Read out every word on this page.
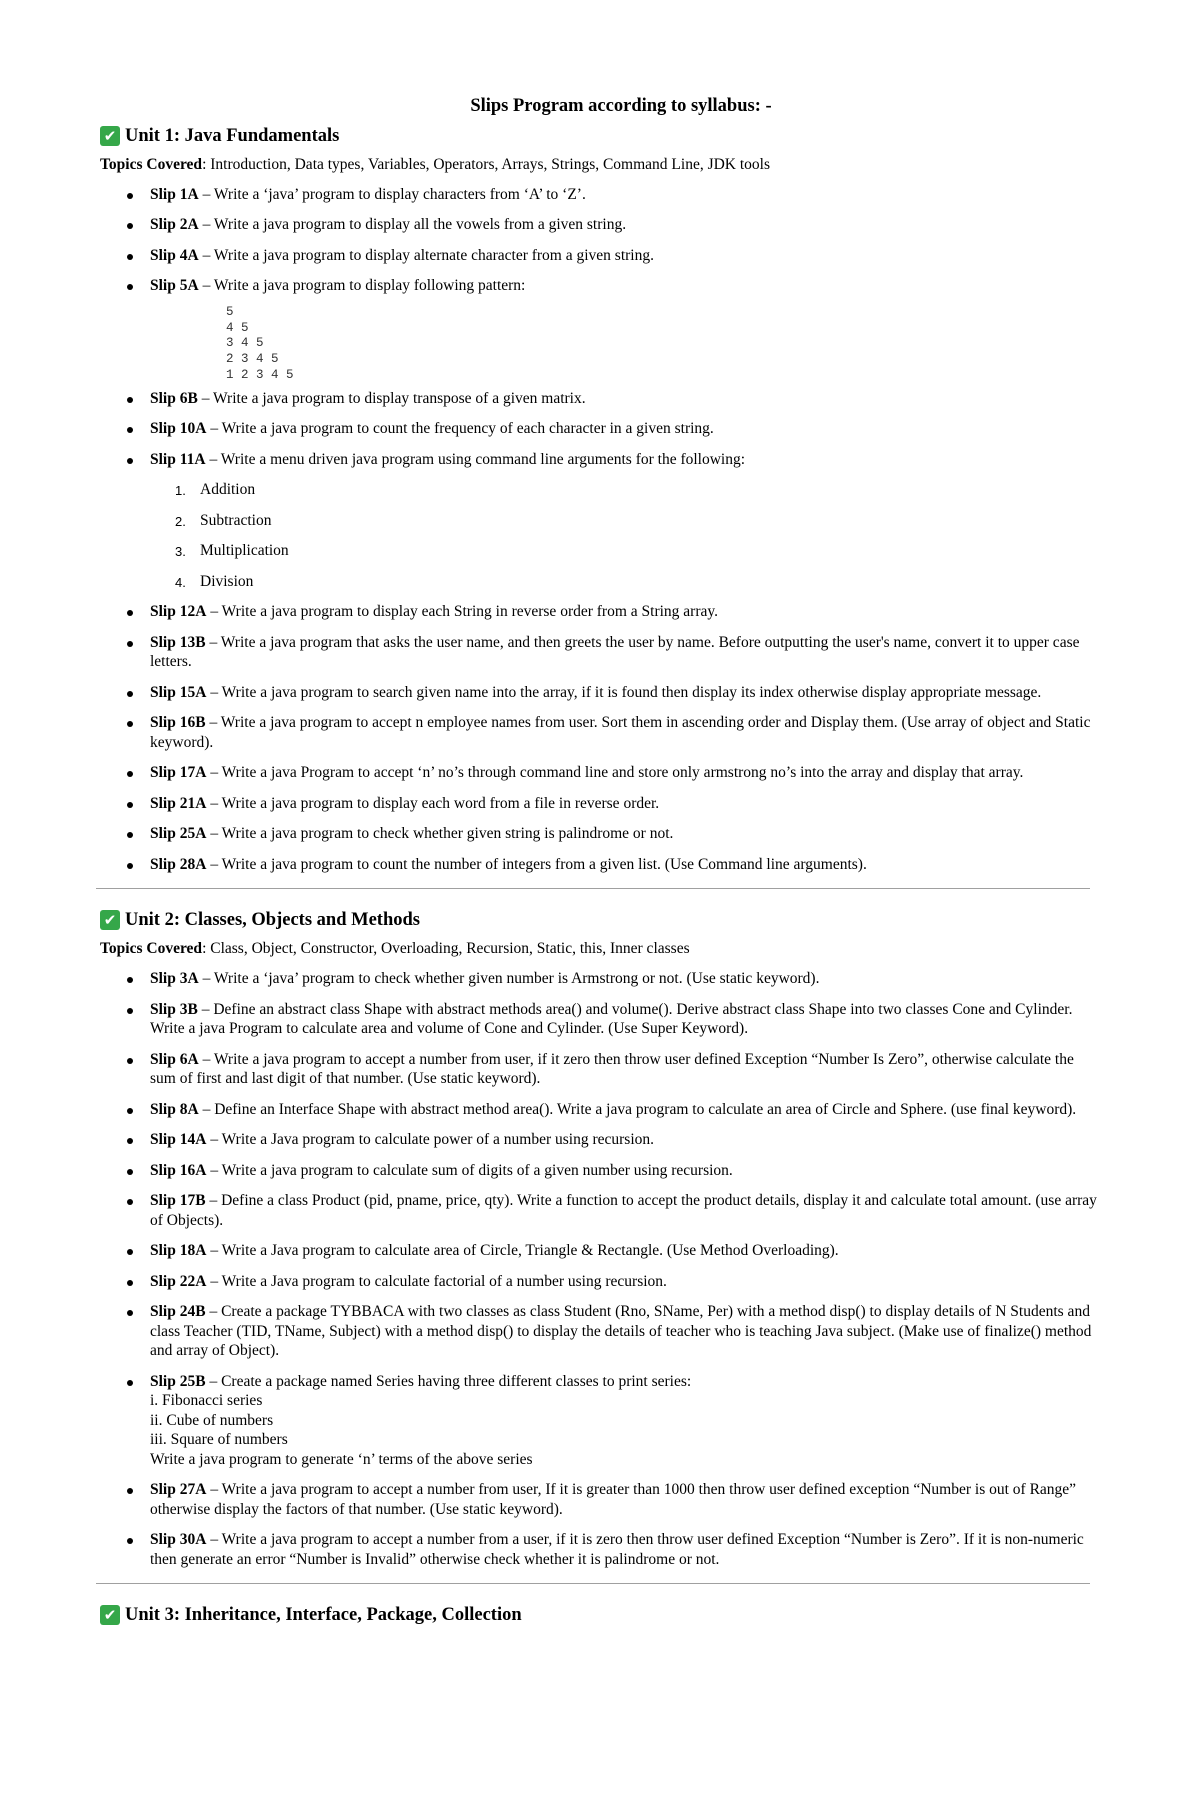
Slips Program according to syllabus: -
✔ Unit 1: Java Fundamentals
Topics Covered: Introduction, Data types, Variables, Operators, Arrays, Strings, Command Line, JDK tools
Slip 1A – Write a ‘java’ program to display characters from ‘A’ to ‘Z’.
Slip 2A – Write a java program to display all the vowels from a given string.
Slip 4A – Write a java program to display alternate character from a given string.
Slip 5A – Write a java program to display following pattern:
5
4 5
3 4 5
2 3 4 5
1 2 3 4 5
Slip 6B – Write a java program to display transpose of a given matrix.
Slip 10A – Write a java program to count the frequency of each character in a given string.
Slip 11A – Write a menu driven java program using command line arguments for the following:
1. Addition
2. Subtraction
3. Multiplication
4. Division
Slip 12A – Write a java program to display each String in reverse order from a String array.
Slip 13B – Write a java program that asks the user name, and then greets the user by name. Before outputting the user's name, convert it to upper case letters.
Slip 15A – Write a java program to search given name into the array, if it is found then display its index otherwise display appropriate message.
Slip 16B – Write a java program to accept n employee names from user. Sort them in ascending order and Display them. (Use array of object and Static keyword).
Slip 17A – Write a java Program to accept ‘n’ no’s through command line and store only armstrong no’s into the array and display that array.
Slip 21A – Write a java program to display each word from a file in reverse order.
Slip 25A – Write a java program to check whether given string is palindrome or not.
Slip 28A – Write a java program to count the number of integers from a given list. (Use Command line arguments).
✔ Unit 2: Classes, Objects and Methods
Topics Covered: Class, Object, Constructor, Overloading, Recursion, Static, this, Inner classes
Slip 3A – Write a ‘java’ program to check whether given number is Armstrong or not. (Use static keyword).
Slip 3B – Define an abstract class Shape with abstract methods area() and volume(). Derive abstract class Shape into two classes Cone and Cylinder. Write a java Program to calculate area and volume of Cone and Cylinder. (Use Super Keyword).
Slip 6A – Write a java program to accept a number from user, if it zero then throw user defined Exception “Number Is Zero”, otherwise calculate the sum of first and last digit of that number. (Use static keyword).
Slip 8A – Define an Interface Shape with abstract method area(). Write a java program to calculate an area of Circle and Sphere. (use final keyword).
Slip 14A – Write a Java program to calculate power of a number using recursion.
Slip 16A – Write a java program to calculate sum of digits of a given number using recursion.
Slip 17B – Define a class Product (pid, pname, price, qty). Write a function to accept the product details, display it and calculate total amount. (use array of Objects).
Slip 18A – Write a Java program to calculate area of Circle, Triangle & Rectangle. (Use Method Overloading).
Slip 22A – Write a Java program to calculate factorial of a number using recursion.
Slip 24B – Create a package TYBBACA with two classes as class Student (Rno, SName, Per) with a method disp() to display details of N Students and class Teacher (TID, TName, Subject) with a method disp() to display the details of teacher who is teaching Java subject. (Make use of finalize() method and array of Object).
Slip 25B – Create a package named Series having three different classes to print series:
i. Fibonacci series
ii. Cube of numbers
iii. Square of numbers
Write a java program to generate ‘n’ terms of the above series
Slip 27A – Write a java program to accept a number from user, If it is greater than 1000 then throw user defined exception “Number is out of Range” otherwise display the factors of that number. (Use static keyword).
Slip 30A – Write a java program to accept a number from a user, if it is zero then throw user defined Exception “Number is Zero”. If it is non-numeric then generate an error “Number is Invalid” otherwise check whether it is palindrome or not.
✔ Unit 3: Inheritance, Interface, Package, Collection
